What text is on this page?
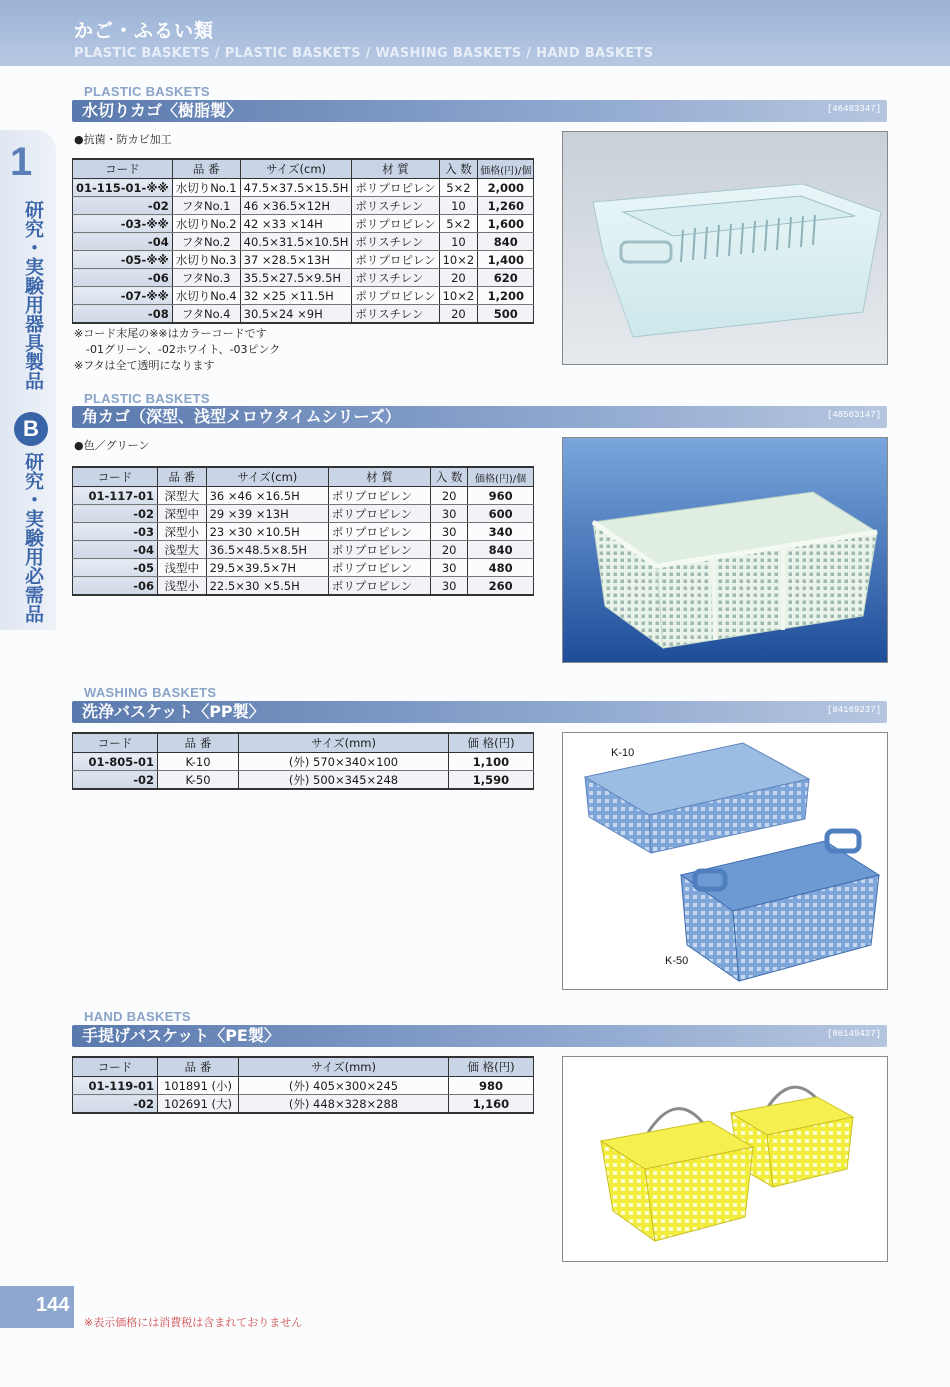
かご・ふるい類
PLASTIC BASKETS / PLASTIC BASKETS / WASHING BASKETS / HAND BASKETS
1
研究・実験用器具製品
B
研究・実験用必需品
PLASTIC BASKETS
水切りカゴ〈樹脂製〉	[46483347]
●抗菌・防カビ加工
コード	品 番	サイズ(cm)	材 質	入 数	価格(円)/個
01-115-01-※※	水切りNo.1	47.5×37.5×15.5H	ポリプロピレン	5×2	2,000
-02	フタNo.1	46 ×36.5×12H	ポリスチレン	10	1,260
-03-※※	水切りNo.2	42 ×33 ×14H	ポリプロピレン	5×2	1,600
-04	フタNo.2	40.5×31.5×10.5H	ポリスチレン	10	840
-05-※※	水切りNo.3	37 ×28.5×13H	ポリプロピレン	10×2	1,400
-06	フタNo.3	35.5×27.5×9.5H	ポリスチレン	20	620
-07-※※	水切りNo.4	32 ×25 ×11.5H	ポリプロピレン	10×2	1,200
-08	フタNo.4	30.5×24 ×9H	ポリスチレン	20	500
※コード末尾の※※はカラーコードです
-01グリーン、-02ホワイト、-03ピンク
※フタは全て透明になります
PLASTIC BASKETS
角カゴ（深型、浅型メロウタイムシリーズ）	[48563147]
●色／グリーン
コード	品 番	サイズ(cm)	材 質	入 数	価格(円)/個
01-117-01	深型大	36 ×46 ×16.5H	ポリプロピレン	20	960
-02	深型中	29 ×39 ×13H	ポリプロピレン	30	600
-03	深型小	23 ×30 ×10.5H	ポリプロピレン	30	340
-04	浅型大	36.5×48.5×8.5H	ポリプロピレン	20	840
-05	浅型中	29.5×39.5×7H	ポリプロピレン	30	480
-06	浅型小	22.5×30 ×5.5H	ポリプロピレン	30	260
WASHING BASKETS
洗浄バスケット〈PP製〉	[84169237]
コード	品 番	サイズ(mm)	価 格(円)
01-805-01	K-10	(外) 570×340×100	1,100
-02	K-50	(外) 500×345×248	1,590
K-10
K-50
HAND BASKETS
手提げバスケット〈PE製〉	[86149437]
コード	品 番	サイズ(mm)	価 格(円)
01-119-01	101891 (小)	(外) 405×300×245	980
-02	102691 (大)	(外) 448×328×288	1,160
144
※表示価格には消費税は含まれておりません
